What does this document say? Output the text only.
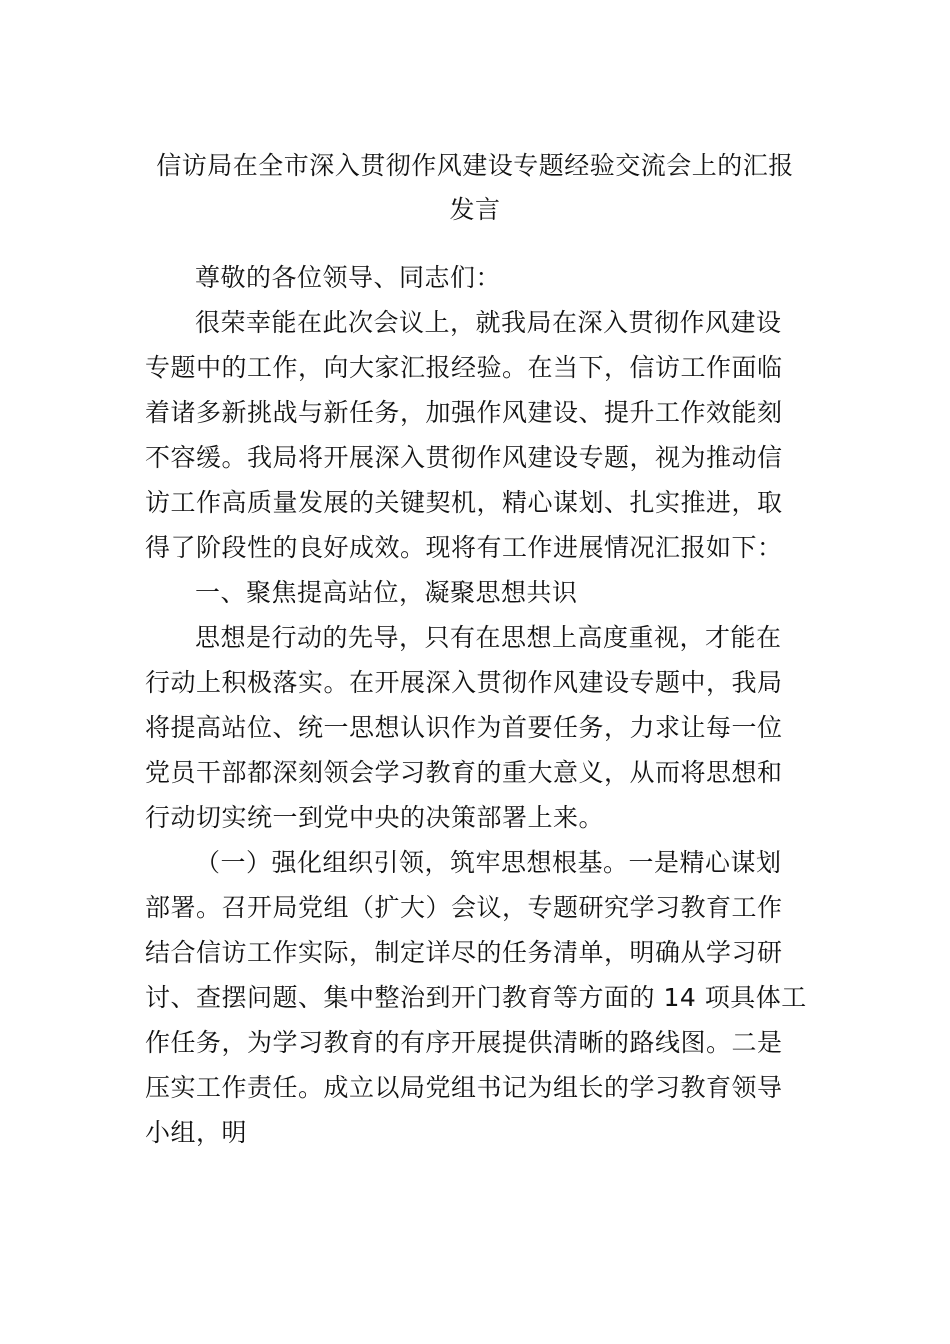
信访局在全市深入贯彻作风建设专题经验交流会上的汇报
发言
尊敬的各位领导、同志们：
很荣幸能在此次会议上，就我局在深入贯彻作风建设
专题中的工作，向大家汇报经验。在当下，信访工作面临
着诸多新挑战与新任务，加强作风建设、提升工作效能刻
不容缓。我局将开展深入贯彻作风建设专题，视为推动信
访工作高质量发展的关键契机，精心谋划、扎实推进，取
得了阶段性的良好成效。现将有工作进展情况汇报如下：
一、聚焦提高站位，凝聚思想共识
思想是行动的先导，只有在思想上高度重视，才能在
行动上积极落实。在开展深入贯彻作风建设专题中，我局
将提高站位、统一思想认识作为首要任务，力求让每一位
党员干部都深刻领会学习教育的重大意义，从而将思想和
行动切实统一到党中央的决策部署上来。
（一）强化组织引领，筑牢思想根基。一是精心谋划
部署。召开局党组（扩大）会议，专题研究学习教育工作
结合信访工作实际，制定详尽的任务清单，明确从学习研
讨、查摆问题、集中整治到开门教育等方面的 14 项具体工
作任务，为学习教育的有序开展提供清晰的路线图。二是
压实工作责任。成立以局党组书记为组长的学习教育领导
小组，明
